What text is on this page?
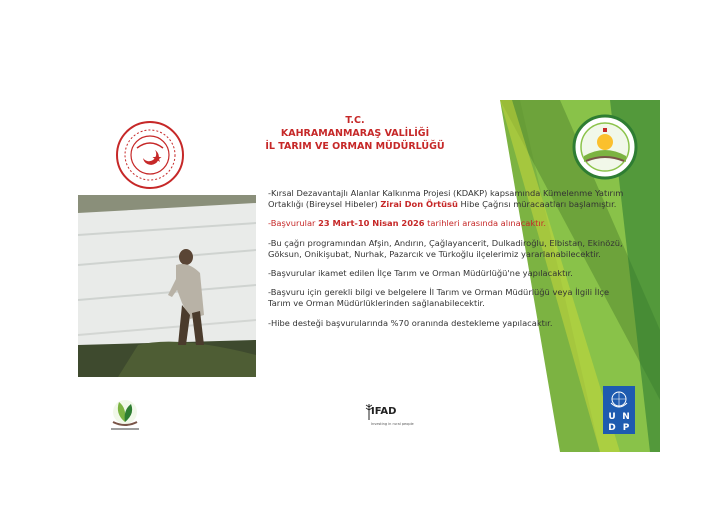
T.C.
KAHRAMANMARAŞ VALİLİĞİ
İL TARIM VE ORMAN MÜDÜRLÜĞÜ

-Kırsal Dezavantajlı Alanlar Kalkınma Projesi (KDAKP) kapsamında Kümelenme Yatırım Ortaklığı (Bireysel Hibeler) Zirai Don Örtüsü Hibe Çağrısı müracaatları başlamıştır.

-Başvurular 23 Mart-10 Nisan 2026 tarihleri arasında alınacaktır.

-Bu çağrı programından Afşin, Andırın, Çağlayancerit, Dulkadiroğlu, Elbistan, Ekinözü, Göksun, Onikişubat, Nurhak, Pazarcık ve Türkoğlu ilçelerimiz yararlanabilecektir.

-Başvurular ikamet edilen İlçe Tarım ve Orman Müdürlüğü'ne yapılacaktır.

-Başvuru için gerekli bilgi ve belgelere İl Tarım ve Orman Müdürlüğü veya İlgili İlçe Tarım ve Orman Müdürlüklerinden sağlanabilecektir.

-Hibe desteği başvurularında %70 oranında destekleme yapılacaktır.

IFAD
Investing in rural people
U N
D P
